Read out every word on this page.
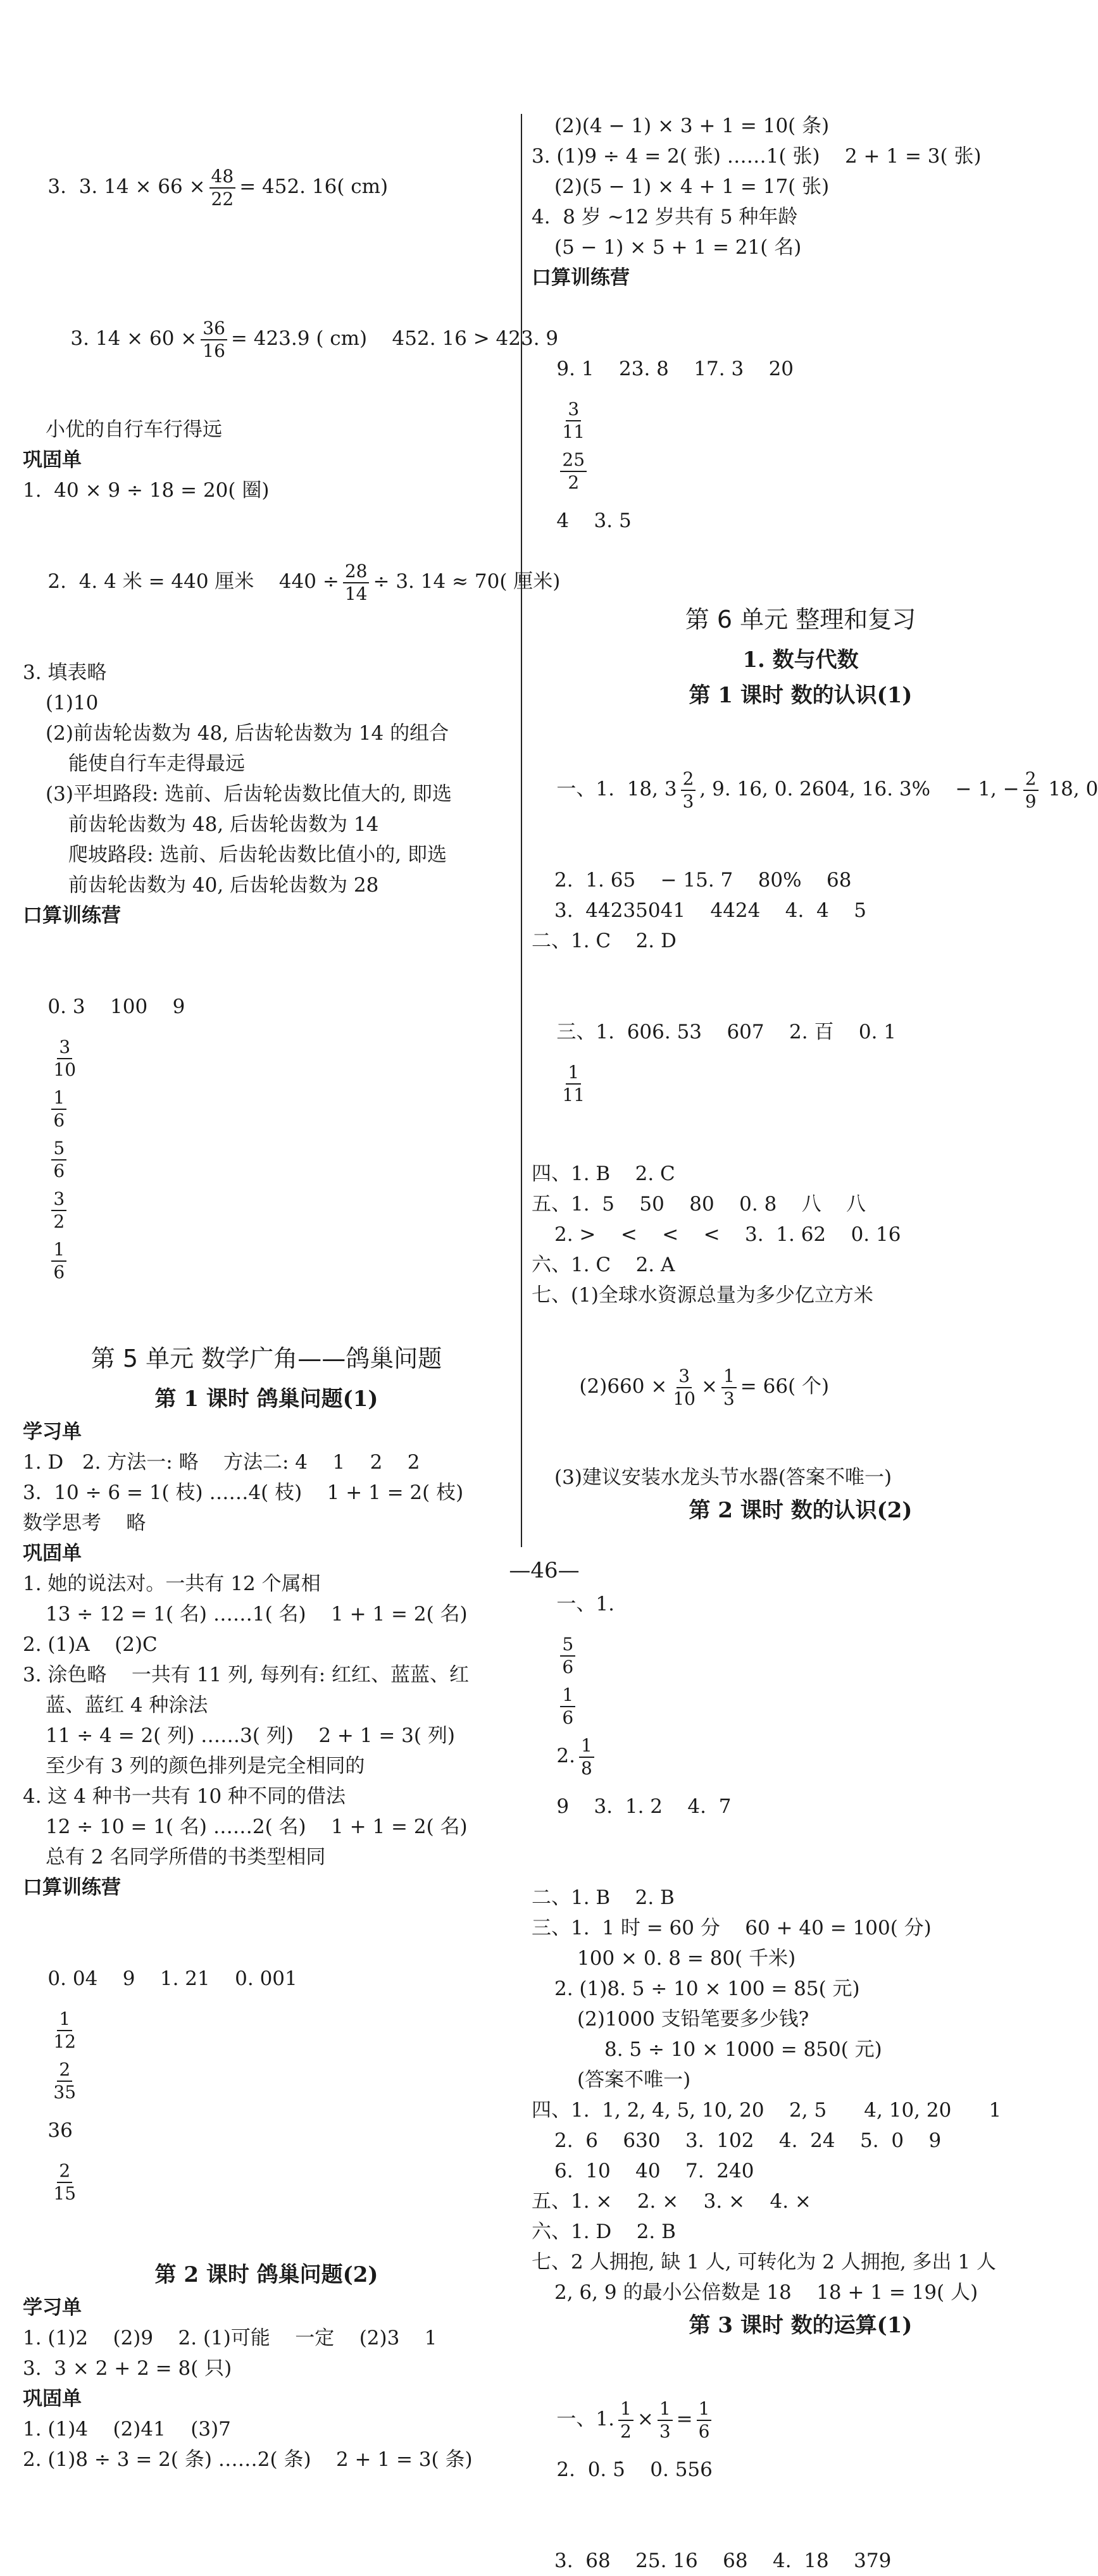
3.  3. $14 \times 66 \times \frac{48}{22} = 452$. 16( cm)

3. $14 \times 60 \times \frac{36}{16} = 423.9$ ( cm)    452. 16 > 423. 9

小优的自行车行得远
巩固单
1.  40 × 9 ÷ 18 = 20( 圈)

2.  4. 4 米 = 440 厘米    $440 \div \frac{28}{14} \div 3$. 14 ≈ 70( 厘米)

3. 填表略
(1)10
(2)前齿轮齿数为 48, 后齿轮齿数为 14 的组合
能使自行车走得最远
(3)平坦路段: 选前、后齿轮齿数比值大的, 即选
前齿轮齿数为 48, 后齿轮齿数为 14
爬坡路段: 选前、后齿轮齿数比值小的, 即选
前齿轮齿数为 40, 后齿轮齿数为 28
口算训练营

0. 3    100    9

$\frac{3}{10}$

$\frac{1}{6}$

$\frac{5}{6}$

$\frac{3}{2}$

$\frac{1}{6}$

第 5 单元 数学广角——鸽巢问题
第 1 课时 鸽巢问题(1)
学习单
1. D   2. 方法一: 略    方法二: 4    1    2    2
3.  10 ÷ 6 = 1( 枝) ……4( 枝)    1 + 1 = 2( 枝)
数学思考    略
巩固单
1. 她的说法对。一共有 12 个属相
13 ÷ 12 = 1( 名) ……1( 名)    1 + 1 = 2( 名)
2. (1)A    (2)C
3. 涂色略    一共有 11 列, 每列有: 红红、蓝蓝、红
蓝、蓝红 4 种涂法
11 ÷ 4 = 2( 列) ……3( 列)    2 + 1 = 3( 列)
至少有 3 列的颜色排列是完全相同的
4. 这 4 种书一共有 10 种不同的借法
12 ÷ 10 = 1( 名) ……2( 名)    1 + 1 = 2( 名)
总有 2 名同学所借的书类型相同
口算训练营

0. 04    9    1. 21    0. 001

$\frac{1}{12}$

$\frac{2}{35}$

36

$\frac{2}{15}$

第 2 课时 鸽巢问题(2)
学习单
1. (1)2    (2)9    2. (1)可能    一定    (2)3    1
3.  3 × 2 + 2 = 8( 只)
巩固单
1. (1)4    (2)41    (3)7
2. (1)8 ÷ 3 = 2( 条) ……2( 条)    2 + 1 = 3( 条)
(2)(4 − 1) × 3 + 1 = 10( 条)
3. (1)9 ÷ 4 = 2( 张) ……1( 张)    2 + 1 = 3( 张)
(2)(5 − 1) × 4 + 1 = 17( 张)
4.  8 岁 ~12 岁共有 5 种年龄
(5 − 1) × 5 + 1 = 21( 名)
口算训练营

9. 1    23. 8    17. 3    20

$\frac{3}{11}$

$\frac{25}{2}$

4    3. 5

第 6 单元 整理和复习
1. 数与代数
第 1 课时 数的认识(1)

一、1.  18, $3 \frac{2}{3}$ , 9. 16, 0. 2604, 16. 3%    − 1, − $\frac{2}{9} 18$, 0

2.  1. 65    − 15. 7    80%    68
3.  44235041    4424    4.  4    5
二、1. C    2. D

三、1.  606. 53    607    2. 百    0. 1

$\frac{1}{11}$

四、1. B    2. C
五、1.  5    50    80    0. 8    八    八
2. >    <    <    <    3.  1. 62    0. 16
六、1. C    2. A
七、(1)全球水资源总量为多少亿立方米

$(2)660 \times \frac{3}{10} \times \frac{1}{3} = 66$( 个)

(3)建议安装水龙头节水器(答案不唯一)
第 2 课时 数的认识(2)

一、1.

$\frac{5}{6}$

$\frac{1}{6}$

2. $\frac{1}{8}$

9    3.  1. 2    4.  7

二、1. B    2. B
三、1.  1 时 = 60 分    60 + 40 = 100( 分)
100 × 0. 8 = 80( 千米)
2. (1)8. 5 ÷ 10 × 100 = 85( 元)
(2)1000 支铅笔要多少钱?
8. 5 ÷ 10 × 1000 = 850( 元)
(答案不唯一)
四、1.  1, 2, 4, 5, 10, 20    2, 5      4, 10, 20      1
2.  6    630    3.  102    4.  24    5.  0    9
6.  10    40    7.  240
五、1. ×    2. ×    3. ×    4. ×
六、1. D    2. B
七、2 人拥抱, 缺 1 人, 可转化为 2 人拥抱, 多出 1 人
2, 6, 9 的最小公倍数是 18    18 + 1 = 19( 人)
第 3 课时 数的运算(1)

一、1. $\frac{1}{2} \times \frac{1}{3} = \frac{1}{6}$

2.  0. 5̇    0. 556

3.  68    25. 16    68    4.  18    379
—46—
